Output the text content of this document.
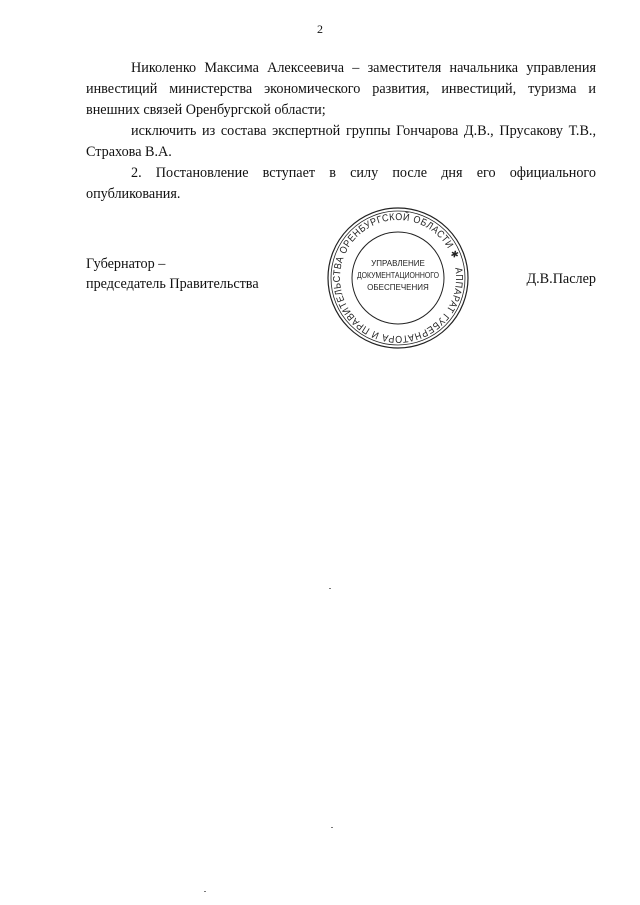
2

Николенко Максима Алексеевича – заместителя начальника управления инвестиций министерства экономического развития, инвестиций, туризма и внешних связей Оренбургской области;

исключить из состава экспертной группы Гончарова Д.В., Прусакову Т.В., Страхова В.А.

2. Постановление вступает в силу после дня его официального опубликования.

Губернатор –
председатель Правительства	Д.В.Паслер
АППАРАТ ГУБЕРНАТОРА И ПРАВИТЕЛЬСТВА ОРЕНБУРГСКОЙ ОБЛАСТИ ✱
УПРАВЛЕНИЕ
ДОКУМЕНТАЦИОННОГО
ОБЕСПЕЧЕНИЯ
